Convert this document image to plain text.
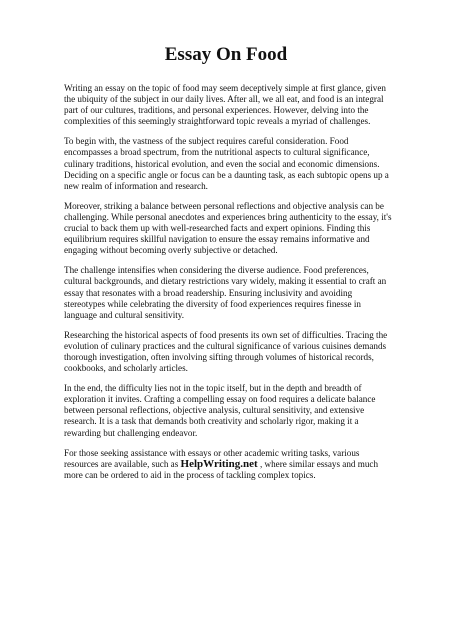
Essay On Food

Writing an essay on the topic of food may seem deceptively simple at first glance, given the ubiquity of the subject in our daily lives. After all, we all eat, and food is an integral part of our cultures, traditions, and personal experiences. However, delving into the complexities of this seemingly straightforward topic reveals a myriad of challenges.

To begin with, the vastness of the subject requires careful consideration. Food encompasses a broad spectrum, from the nutritional aspects to cultural significance, culinary traditions, historical evolution, and even the social and economic dimensions. Deciding on a specific angle or focus can be a daunting task, as each subtopic opens up a new realm of information and research.

Moreover, striking a balance between personal reflections and objective analysis can be challenging. While personal anecdotes and experiences bring authenticity to the essay, it's crucial to back them up with well-researched facts and expert opinions. Finding this equilibrium requires skillful navigation to ensure the essay remains informative and engaging without becoming overly subjective or detached.

The challenge intensifies when considering the diverse audience. Food preferences, cultural backgrounds, and dietary restrictions vary widely, making it essential to craft an essay that resonates with a broad readership. Ensuring inclusivity and avoiding stereotypes while celebrating the diversity of food experiences requires finesse in language and cultural sensitivity.

Researching the historical aspects of food presents its own set of difficulties. Tracing the evolution of culinary practices and the cultural significance of various cuisines demands thorough investigation, often involving sifting through volumes of historical records, cookbooks, and scholarly articles.

In the end, the difficulty lies not in the topic itself, but in the depth and breadth of exploration it invites. Crafting a compelling essay on food requires a delicate balance between personal reflections, objective analysis, cultural sensitivity, and extensive research. It is a task that demands both creativity and scholarly rigor, making it a rewarding but challenging endeavor.

For those seeking assistance with essays or other academic writing tasks, various resources are available, such as HelpWriting.net , where similar essays and much more can be ordered to aid in the process of tackling complex topics.
